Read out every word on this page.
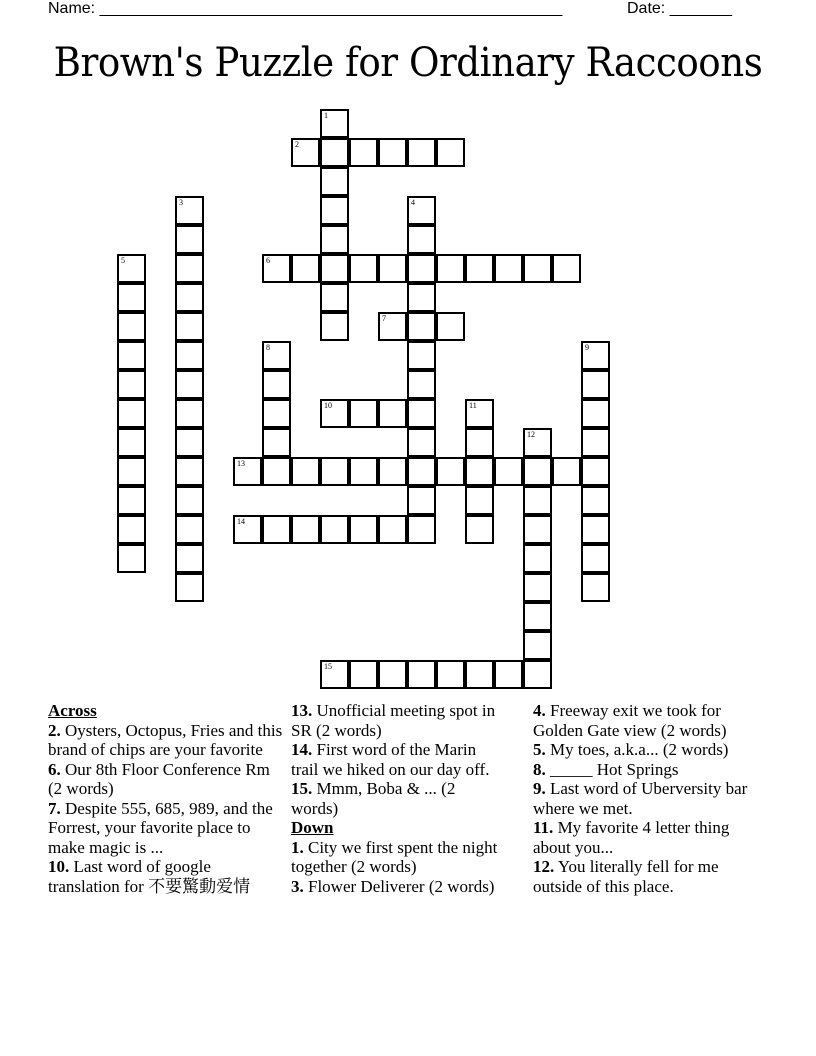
Name: ____________________________________________________	Date: _______
Brown's Puzzle for Ordinary Raccoons
1
2
3	4
5	6
7
8	9
10	11
12
13
14
15

Across

2. Oysters, Octopus, Fries and this brand of chips are your favorite

6. Our 8th Floor Conference Rm (2 words)

7. Despite 555, 685, 989, and the Forrest, your favorite place to make magic is ...

10. Last word of google translation for 不要驚動爱情

13. Unofficial meeting spot in SR (2 words)

14. First word of the Marin trail we hiked on our day off.

15. Mmm, Boba & ... (2 words)

Down

1. City we first spent the night together (2 words)

3. Flower Deliverer (2 words)

4. Freeway exit we took for Golden Gate view (2 words)

5. My toes, a.k.a... (2 words)

8. _____ Hot Springs

9. Last word of Uberversity bar where we met.

11. My favorite 4 letter thing about you...

12. You literally fell for me outside of this place.
